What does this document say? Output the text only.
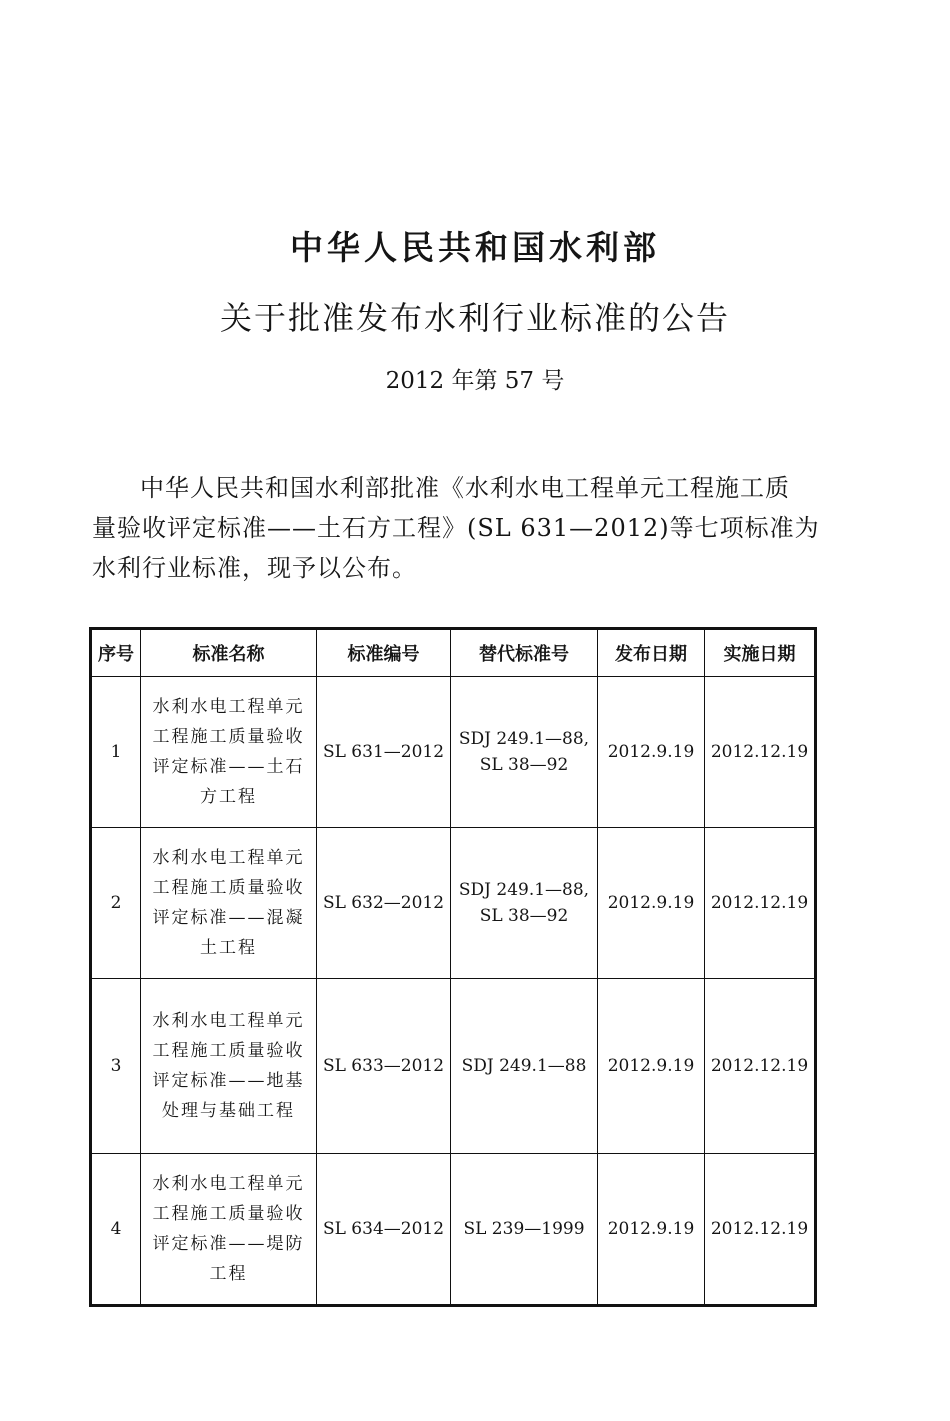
中华人民共和国水利部
关于批准发布水利行业标准的公告
2012 年第 57 号
中华人民共和国水利部批准《水利水电工程单元工程施工质
量验收评定标准——土石方工程》(SL 631—2012)等七项标准为
水利行业标准，现予以公布。
序号	标准名称	标准编号	替代标准号	发布日期	实施日期
1	水利水电工程单元工程施工质量验收评定标准——土石方工程	SL 631—2012	SDJ 249.1—88,
SL 38—92	2012.9.19	2012.12.19
2	水利水电工程单元工程施工质量验收评定标准——混凝土工程	SL 632—2012	SDJ 249.1—88,
SL 38—92	2012.9.19	2012.12.19
3	水利水电工程单元工程施工质量验收评定标准——地基处理与基础工程	SL 633—2012	SDJ 249.1—88	2012.9.19	2012.12.19
4	水利水电工程单元工程施工质量验收评定标准——堤防工程	SL 634—2012	SL 239—1999	2012.9.19	2012.12.19
